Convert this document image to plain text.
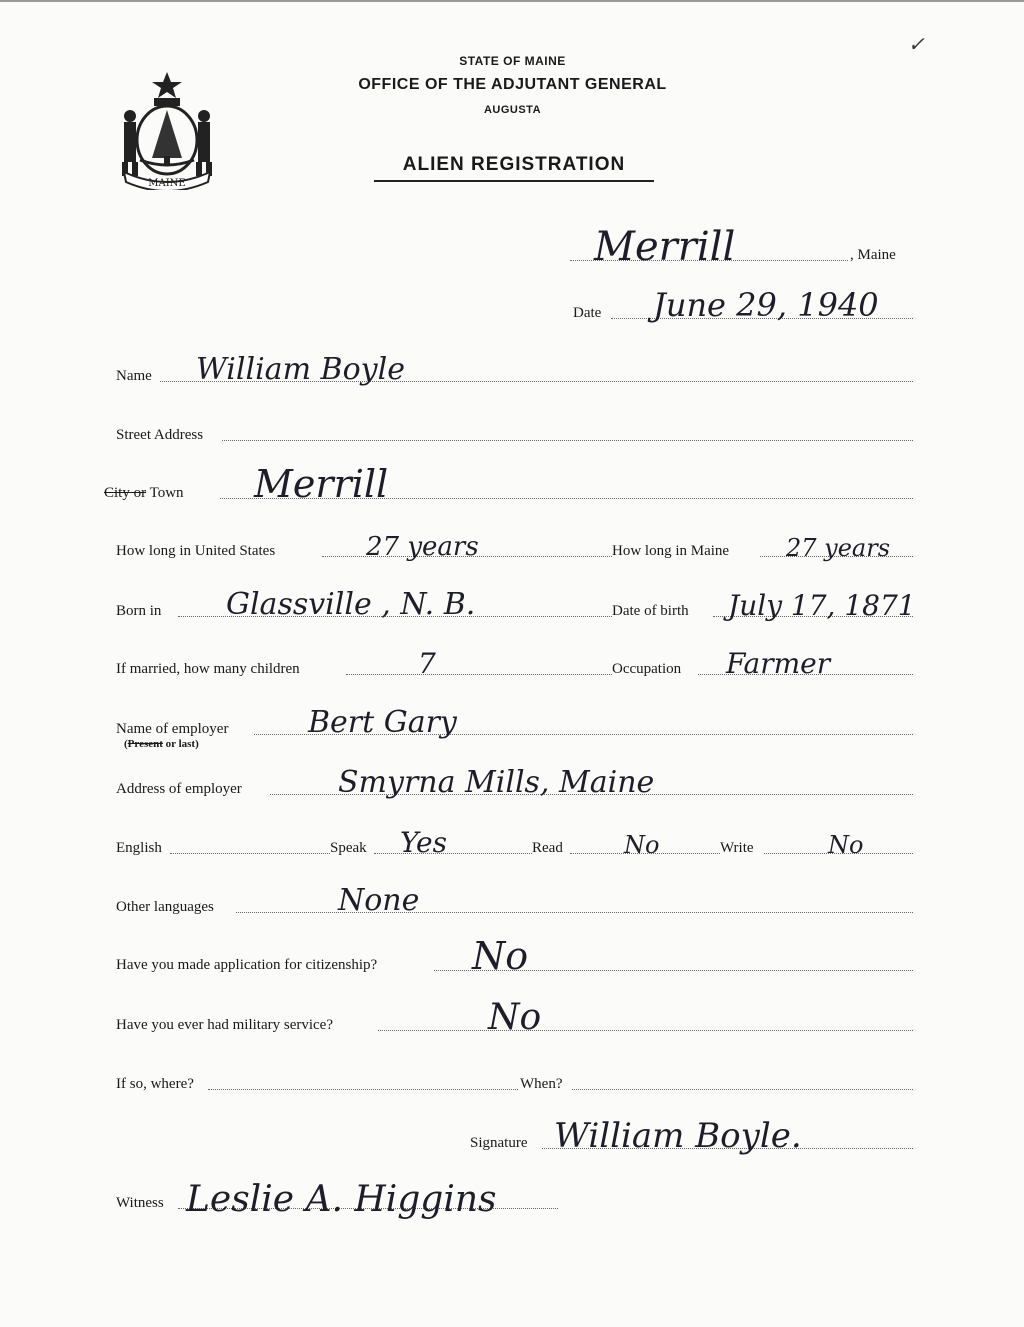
MAINE
STATE OF MAINE
OFFICE OF THE ADJUTANT GENERAL
AUGUSTA
ALIEN REGISTRATION
✓
Merrill	, Maine
Date June 29, 1940
Name William Boyle
Street Address
City or Town Merrill
How long in United States	27 years	How long in Maine 27 years
Born in Glassville , N. B.	Date of birth July 17, 1871
If married, how many children	7	Occupation Farmer
Name of employer	Bert Gary
(Present or last)
Address of employer	Smyrna Mills, Maine
English	Speak Yes	Read	No	Write	No
Other languages	None
Have you made application for citizenship? No
Have you ever had military service?	No
If so, where?	When?
Signature William Boyle.
Witness Leslie A. Higgins
